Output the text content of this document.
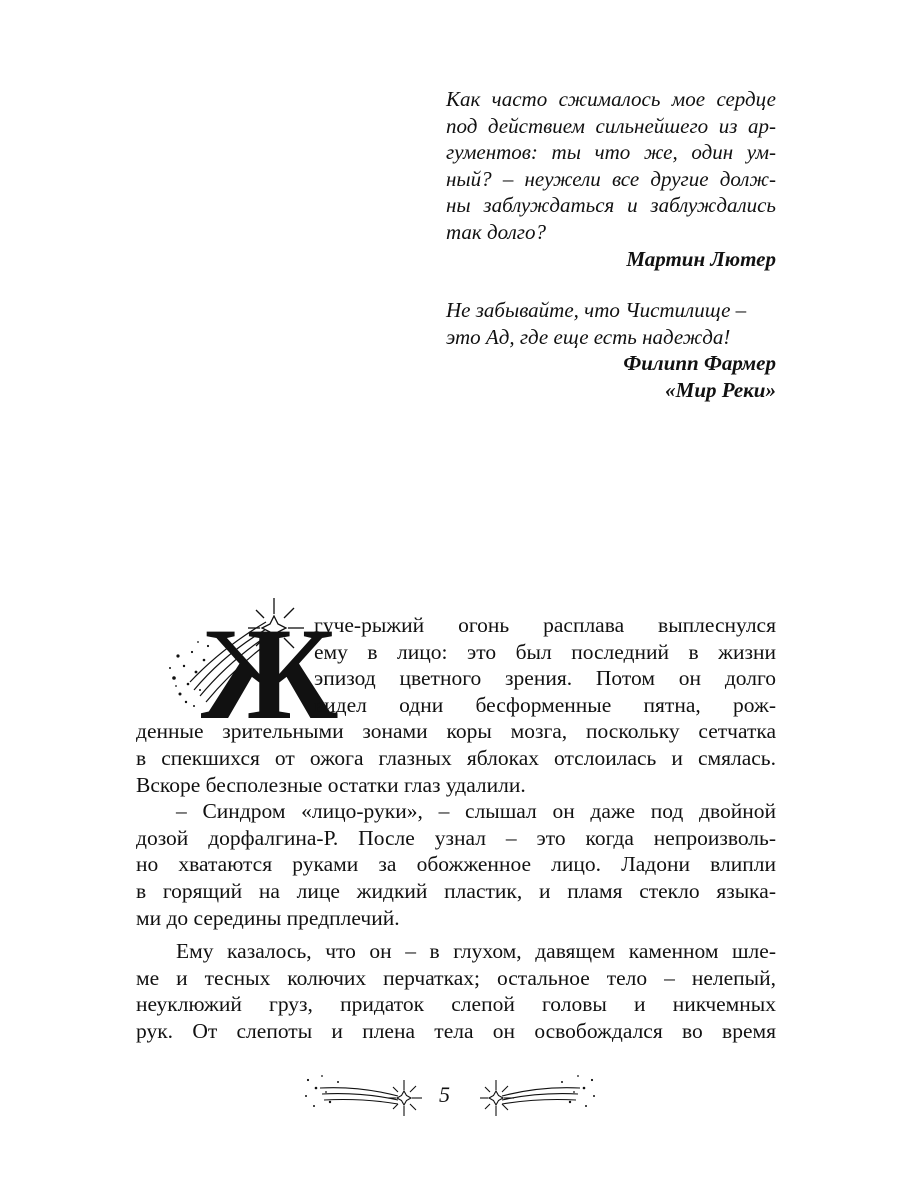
Как часто сжималось мое сердце
под действием сильнейшего из ар-
гументов: ты что же, один ум-
ный? – неужели все другие долж-
ны заблуждаться и заблуждались
так долго?
Мартин Лютер
Не забывайте, что Чистилище –
это Ад, где еще есть надежда!
Филипп Фармер
«Мир Реки»
Ж
гуче-рыжий огонь расплава выплеснулся
ему в лицо: это был последний в жизни
эпизод цветного зрения. Потом он долго
видел одни бесформенные пятна, рож-
денные зрительными зонами коры мозга, поскольку сетчатка
в спекшихся от ожога глазных яблоках отслоилась и смялась.
Вскоре бесполезные остатки глаз удалили.
– Синдром «лицо-руки», – слышал он даже под двойной
дозой дорфалгина-Р. После узнал – это когда непроизволь-
но хватаются руками за обожженное лицо. Ладони влипли
в горящий на лице жидкий пластик, и пламя стекло языка-
ми до середины предплечий.
Ему казалось, что он – в глухом, давящем каменном шле-
ме и тесных колючих перчатках; остальное тело – нелепый,
неуклюжий груз, придаток слепой головы и никчемных
рук. От слепоты и плена тела он освобождался во время
5
